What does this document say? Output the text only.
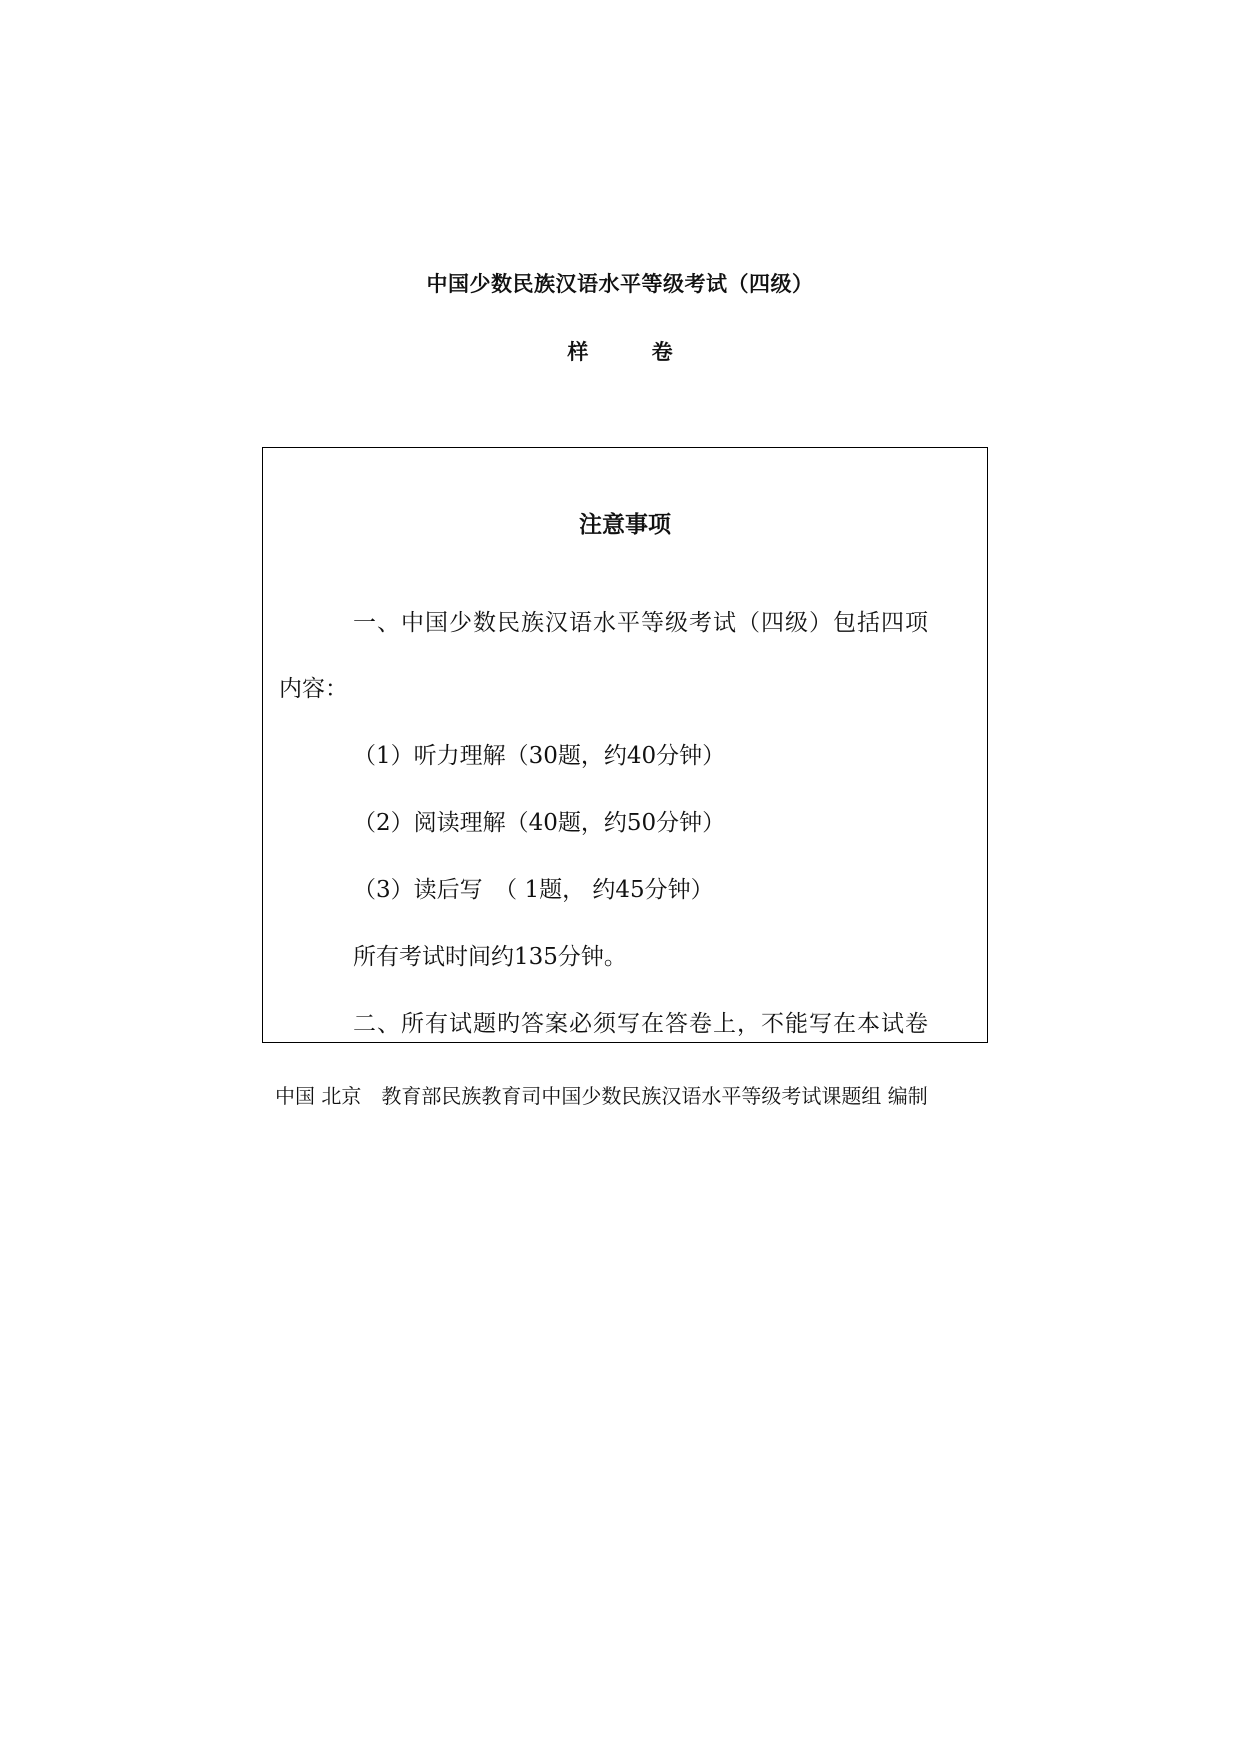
中国少数民族汉语水平等级考试（四级）
样 卷
注意事项
一、中国少数民族汉语水平等级考试（四级）包括四项
内容：
（1）听力理解（30题，约40分钟）
（2）阅读理解（40题，约50分钟）
（3）读后写　（ 1题， 约45分钟）
所有考试时间约135分钟。
二、所有试题旳答案必须写在答卷上，不能写在本试卷
中国 北京　教育部民族教育司中国少数民族汉语水平等级考试课题组 编制
